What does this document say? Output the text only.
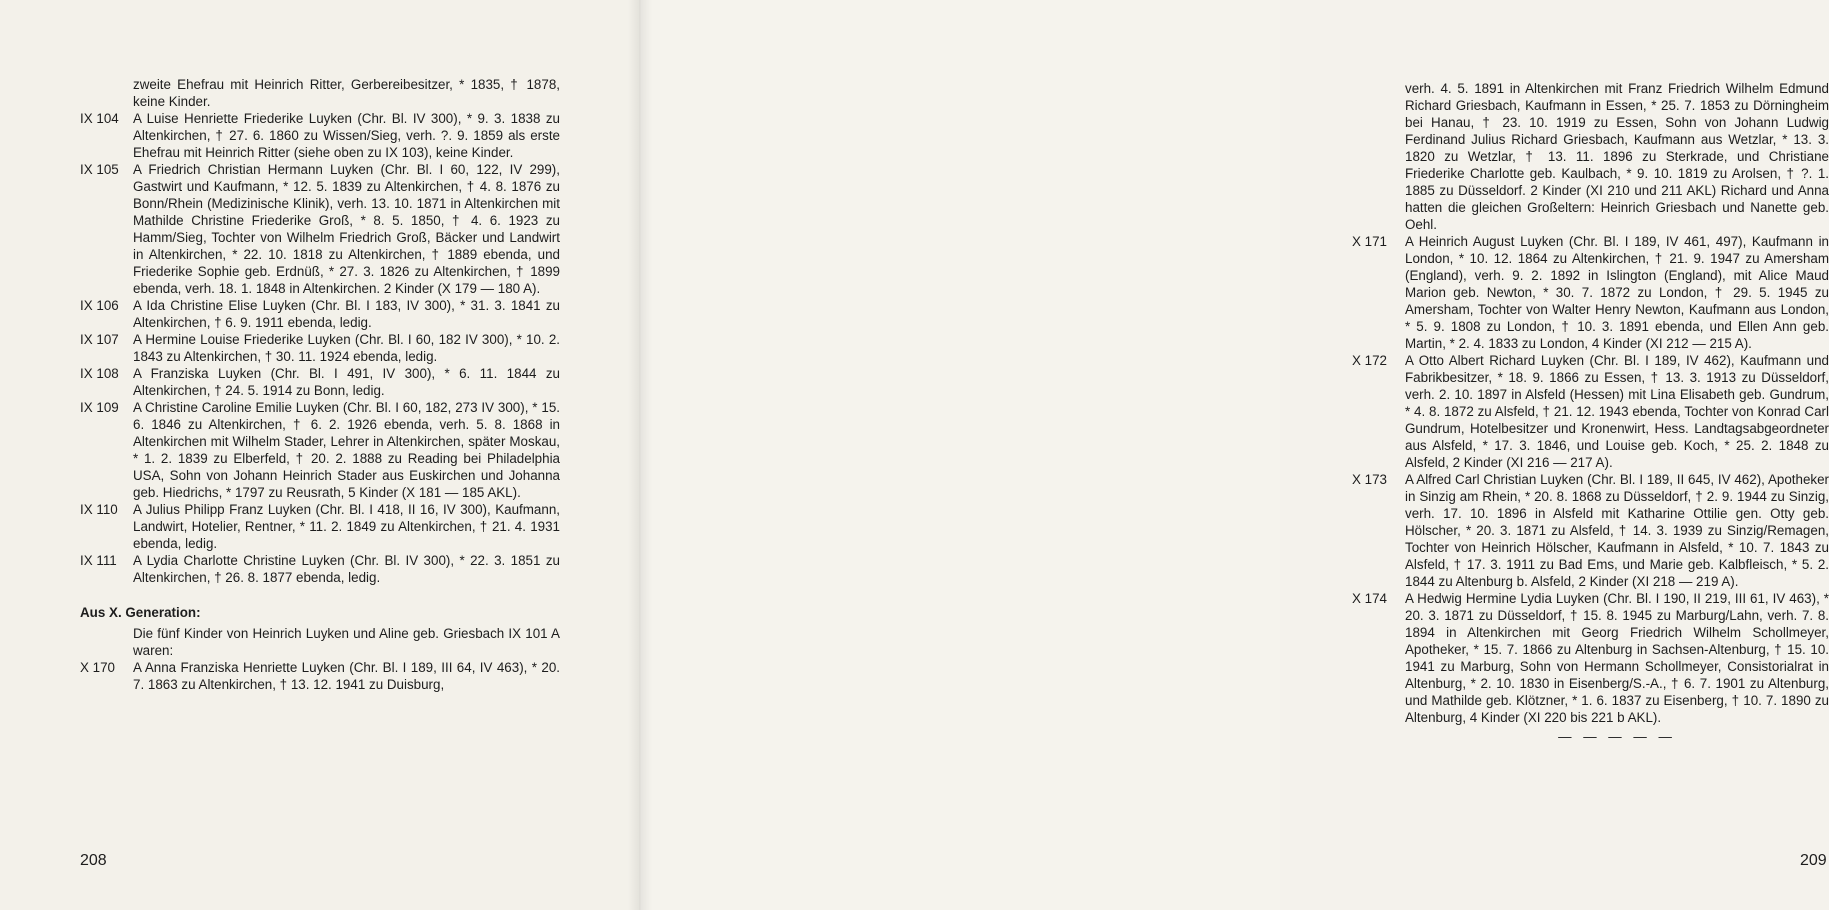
zweite Ehefrau mit Heinrich Ritter, Gerbereibesitzer, * 1835, † 1878, keine Kinder.
IX 104	A Luise Henriette Friederike Luyken (Chr. Bl. IV 300), * 9. 3. 1838 zu Altenkirchen, † 27. 6. 1860 zu Wissen/Sieg, verh. ?. 9. 1859 als erste Ehefrau mit Heinrich Ritter (siehe oben zu IX 103), keine Kinder.
IX 105	A Friedrich Christian Hermann Luyken (Chr. Bl. I 60, 122, IV 299), Gastwirt und Kaufmann, * 12. 5. 1839 zu Altenkirchen, † 4. 8. 1876 zu Bonn/Rhein (Medizinische Klinik), verh. 13. 10. 1871 in Altenkirchen mit Mathilde Christine Friederike Groß, * 8. 5. 1850, † 4. 6. 1923 zu Hamm/Sieg, Tochter von Wilhelm Friedrich Groß, Bäcker und Landwirt in Altenkirchen, * 22. 10. 1818 zu Altenkirchen, † 1889 ebenda, und Friederike Sophie geb. Erdnüß, * 27. 3. 1826 zu Altenkirchen, † 1899 ebenda, verh. 18. 1. 1848 in Altenkirchen. 2 Kinder (X 179 — 180 A).
IX 106	A Ida Christine Elise Luyken (Chr. Bl. I 183, IV 300), * 31. 3. 1841 zu Altenkirchen, † 6. 9. 1911 ebenda, ledig.
IX 107	A Hermine Louise Friederike Luyken (Chr. Bl. I 60, 182 IV 300), * 10. 2. 1843 zu Altenkirchen, † 30. 11. 1924 ebenda, ledig.
IX 108	A Franziska Luyken (Chr. Bl. I 491, IV 300), * 6. 11. 1844 zu Altenkirchen, † 24. 5. 1914 zu Bonn, ledig.
IX 109	A Christine Caroline Emilie Luyken (Chr. Bl. I 60, 182, 273 IV 300), * 15. 6. 1846 zu Altenkirchen, † 6. 2. 1926 ebenda, verh. 5. 8. 1868 in Altenkirchen mit Wilhelm Stader, Lehrer in Altenkirchen, später Moskau, * 1. 2. 1839 zu Elberfeld, † 20. 2. 1888 zu Reading bei Philadelphia USA, Sohn von Johann Heinrich Stader aus Euskirchen und Johanna geb. Hiedrichs, * 1797 zu Reusrath, 5 Kinder (X 181 — 185 AKL).
IX 110	A Julius Philipp Franz Luyken (Chr. Bl. I 418, II 16, IV 300), Kaufmann, Landwirt, Hotelier, Rentner, * 11. 2. 1849 zu Altenkirchen, † 21. 4. 1931 ebenda, ledig.
IX 111	A Lydia Charlotte Christine Luyken (Chr. Bl. IV 300), * 22. 3. 1851 zu Altenkirchen, † 26. 8. 1877 ebenda, ledig.
Aus X. Generation:
Die fünf Kinder von Heinrich Luyken und Aline geb. Griesbach IX 101 A waren:
X 170	A Anna Franziska Henriette Luyken (Chr. Bl. I 189, III 64, IV 463), * 20. 7. 1863 zu Altenkirchen, † 13. 12. 1941 zu Duisburg,
208
verh. 4. 5. 1891 in Altenkirchen mit Franz Friedrich Wilhelm Edmund Richard Griesbach, Kaufmann in Essen, * 25. 7. 1853 zu Dörningheim bei Hanau, † 23. 10. 1919 zu Essen, Sohn von Johann Ludwig Ferdinand Julius Richard Griesbach, Kaufmann aus Wetzlar, * 13. 3. 1820 zu Wetzlar, † 13. 11. 1896 zu Sterkrade, und Christiane Friederike Charlotte geb. Kaulbach, * 9. 10. 1819 zu Arolsen, † ?. 1. 1885 zu Düsseldorf. 2 Kinder (XI 210 und 211 AKL) Richard und Anna hatten die gleichen Großeltern: Heinrich Griesbach und Nanette geb. Oehl.
X 171	A Heinrich August Luyken (Chr. Bl. I 189, IV 461, 497), Kaufmann in London, * 10. 12. 1864 zu Altenkirchen, † 21. 9. 1947 zu Amersham (England), verh. 9. 2. 1892 in Islington (England), mit Alice Maud Marion geb. Newton, * 30. 7. 1872 zu London, † 29. 5. 1945 zu Amersham, Tochter von Walter Henry Newton, Kaufmann aus London, * 5. 9. 1808 zu London, † 10. 3. 1891 ebenda, und Ellen Ann geb. Martin, * 2. 4. 1833 zu London, 4 Kinder (XI 212 — 215 A).
X 172	A Otto Albert Richard Luyken (Chr. Bl. I 189, IV 462), Kaufmann und Fabrikbesitzer, * 18. 9. 1866 zu Essen, † 13. 3. 1913 zu Düsseldorf, verh. 2. 10. 1897 in Alsfeld (Hessen) mit Lina Elisabeth geb. Gundrum, * 4. 8. 1872 zu Alsfeld, † 21. 12. 1943 ebenda, Tochter von Konrad Carl Gundrum, Hotelbesitzer und Kronenwirt, Hess. Landtagsabgeordneter aus Alsfeld, * 17. 3. 1846, und Louise geb. Koch, * 25. 2. 1848 zu Alsfeld, 2 Kinder (XI 216 — 217 A).
X 173	A Alfred Carl Christian Luyken (Chr. Bl. I 189, II 645, IV 462), Apotheker in Sinzig am Rhein, * 20. 8. 1868 zu Düsseldorf, † 2. 9. 1944 zu Sinzig, verh. 17. 10. 1896 in Alsfeld mit Katharine Ottilie gen. Otty geb. Hölscher, * 20. 3. 1871 zu Alsfeld, † 14. 3. 1939 zu Sinzig/Remagen, Tochter von Heinrich Hölscher, Kaufmann in Alsfeld, * 10. 7. 1843 zu Alsfeld, † 17. 3. 1911 zu Bad Ems, und Marie geb. Kalbfleisch, * 5. 2. 1844 zu Altenburg b. Alsfeld, 2 Kinder (XI 218 — 219 A).
X 174	A Hedwig Hermine Lydia Luyken (Chr. Bl. I 190, II 219, III 61, IV 463), * 20. 3. 1871 zu Düsseldorf, † 15. 8. 1945 zu Marburg/Lahn, verh. 7. 8. 1894 in Altenkirchen mit Georg Friedrich Wilhelm Schollmeyer, Apotheker, * 15. 7. 1866 zu Altenburg in Sachsen-Altenburg, † 15. 10. 1941 zu Marburg, Sohn von Hermann Schollmeyer, Consistorialrat in Altenburg, * 2. 10. 1830 in Eisenberg/S.-A., † 6. 7. 1901 zu Altenburg, und Mathilde geb. Klötzner, * 1. 6. 1837 zu Eisenberg, † 10. 7. 1890 zu Altenburg, 4 Kinder (XI 220 bis 221 b AKL).
— — — — —
209
